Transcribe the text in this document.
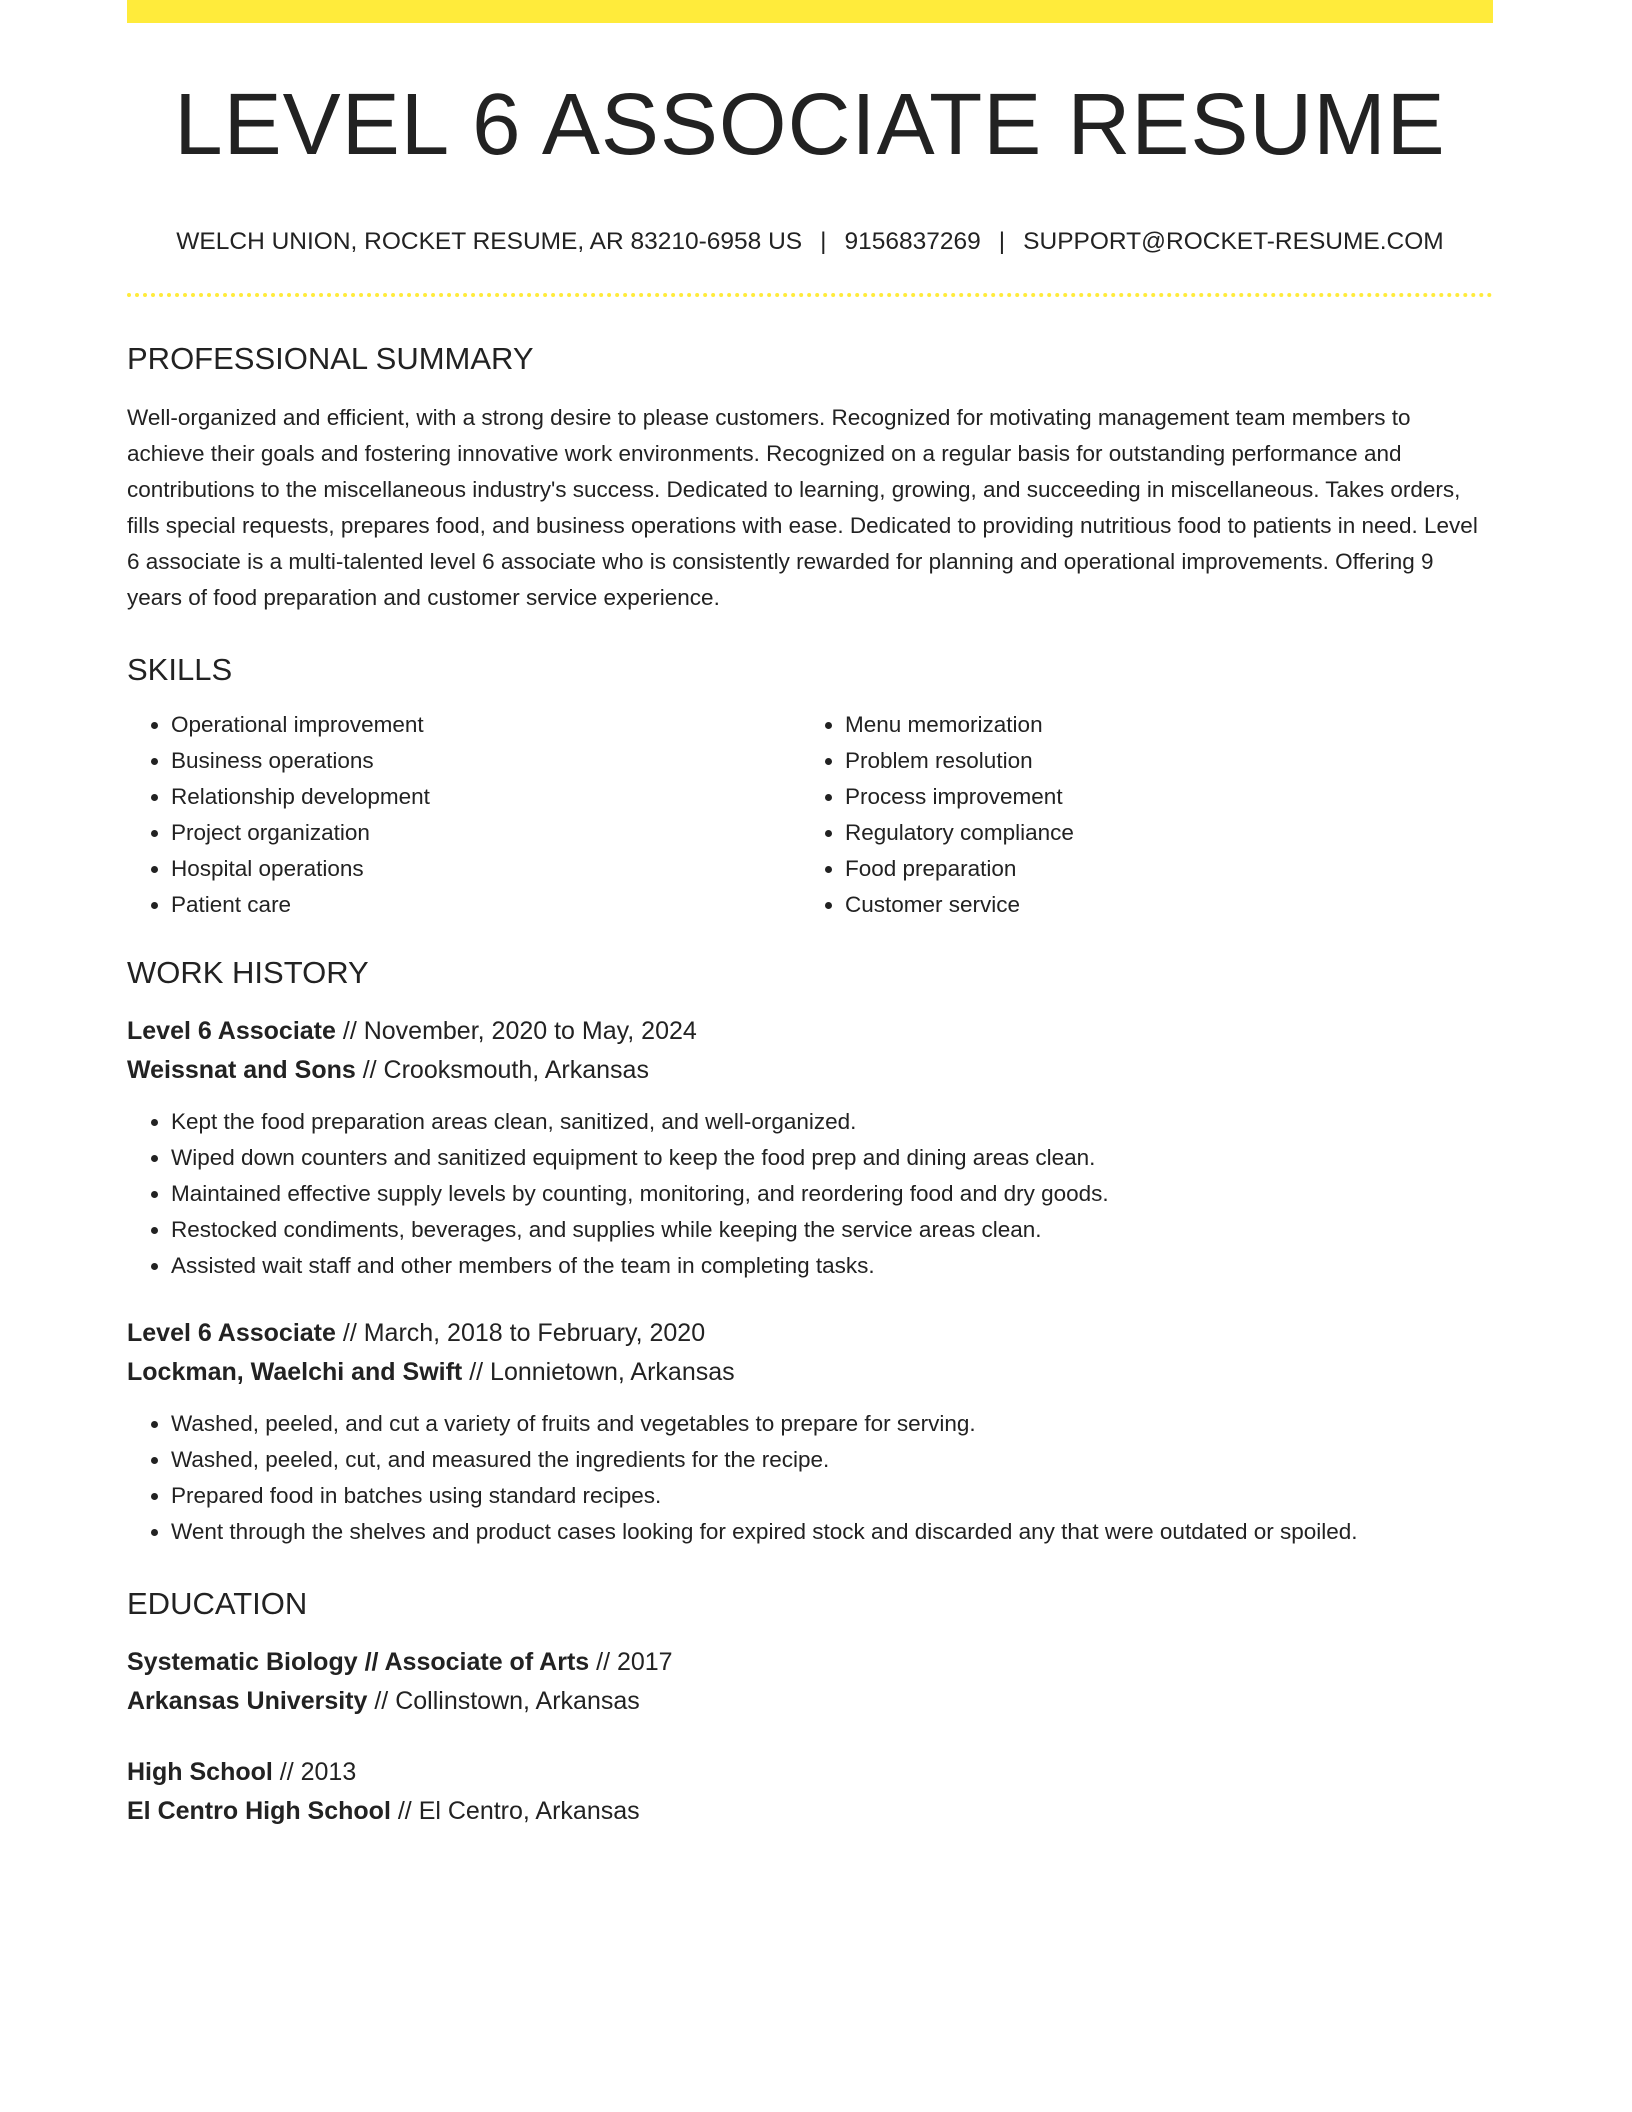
LEVEL 6 ASSOCIATE RESUME
WELCH UNION, ROCKET RESUME, AR 83210-6958 US | 9156837269 | SUPPORT@ROCKET-RESUME.COM
PROFESSIONAL SUMMARY

Well-organized and efficient, with a strong desire to please customers. Recognized for motivating management team members to achieve their goals and fostering innovative work environments. Recognized on a regular basis for outstanding performance and contributions to the miscellaneous industry's success. Dedicated to learning, growing, and succeeding in miscellaneous. Takes orders, fills special requests, prepares food, and business operations with ease. Dedicated to providing nutritious food to patients in need. Level 6 associate is a multi-talented level 6 associate who is consistently rewarded for planning and operational improvements. Offering 9 years of food preparation and customer service experience.

SKILLS
• Operational improvement
• Business operations
• Relationship development
• Project organization
• Hospital operations
• Patient care
• Menu memorization
• Problem resolution
• Process improvement
• Regulatory compliance
• Food preparation
• Customer service
WORK HISTORY
Level 6 Associate // November, 2020 to May, 2024
Weissnat and Sons // Crooksmouth, Arkansas
• Kept the food preparation areas clean, sanitized, and well-organized.
• Wiped down counters and sanitized equipment to keep the food prep and dining areas clean.
• Maintained effective supply levels by counting, monitoring, and reordering food and dry goods.
• Restocked condiments, beverages, and supplies while keeping the service areas clean.
• Assisted wait staff and other members of the team in completing tasks.
Level 6 Associate // March, 2018 to February, 2020
Lockman, Waelchi and Swift // Lonnietown, Arkansas
• Washed, peeled, and cut a variety of fruits and vegetables to prepare for serving.
• Washed, peeled, cut, and measured the ingredients for the recipe.
• Prepared food in batches using standard recipes.
• Went through the shelves and product cases looking for expired stock and discarded any that were outdated or spoiled.
EDUCATION
Systematic Biology // Associate of Arts // 2017
Arkansas University // Collinstown, Arkansas
High School // 2013
El Centro High School // El Centro, Arkansas
